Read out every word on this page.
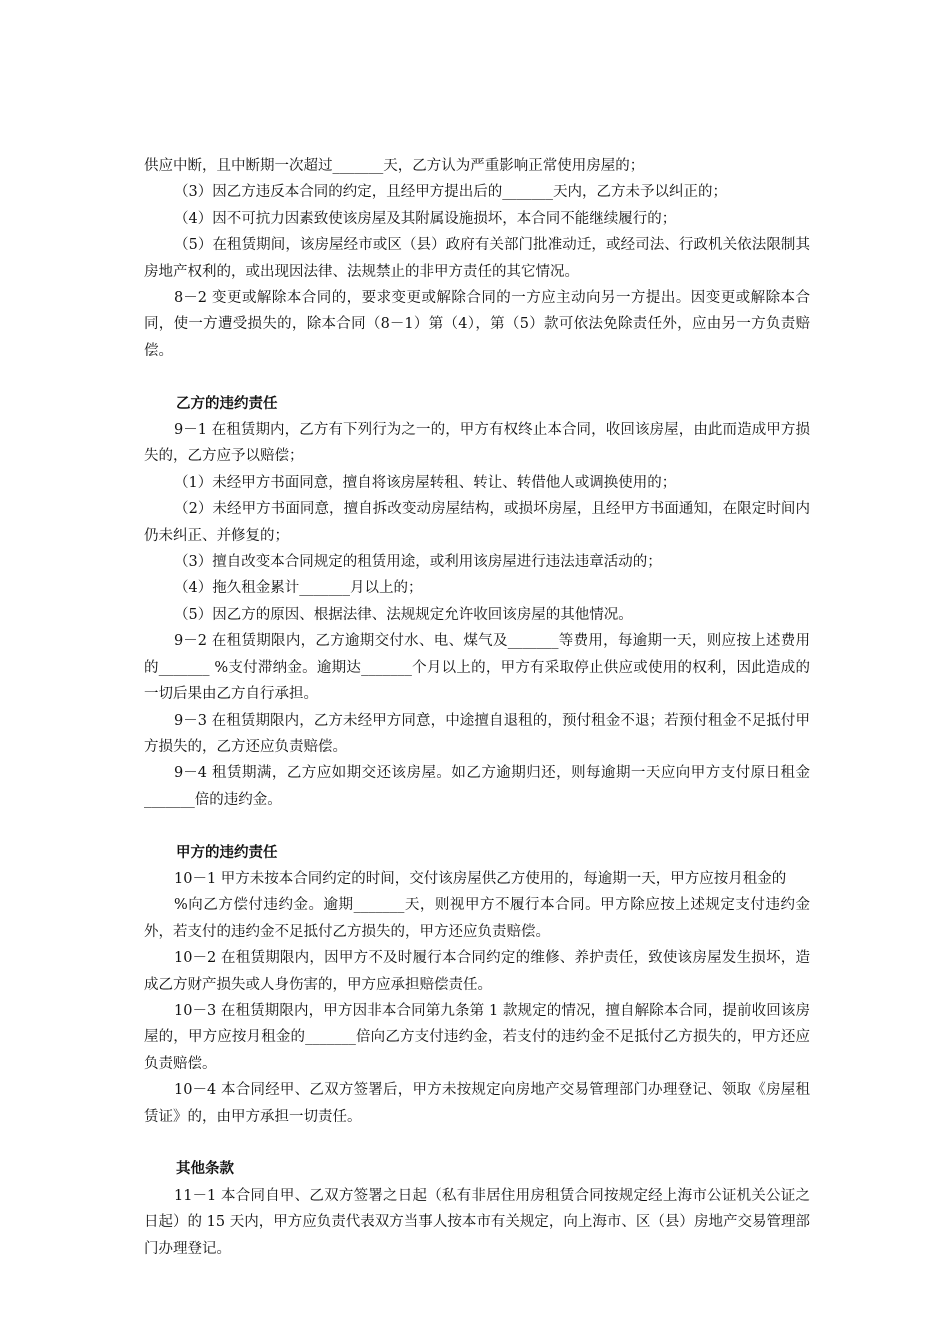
供应中断，且中断期一次超过_______天，乙方认为严重影响正常使用房屋的；

（3）因乙方违反本合同的约定，且经甲方提出后的_______天内，乙方未予以纠正的；

（4）因不可抗力因素致使该房屋及其附属设施损坏，本合同不能继续履行的；

（5）在租赁期间，该房屋经市或区（县）政府有关部门批准动迁，或经司法、行政机关依法限制其房地产权利的，或出现因法律、法规禁止的非甲方责任的其它情况。

8－2 变更或解除本合同的，要求变更或解除合同的一方应主动向另一方提出。因变更或解除本合同，使一方遭受损失的，除本合同（8－1）第（4），第（5）款可依法免除责任外，应由另一方负责赔偿。

乙方的违约责任

9－1 在租赁期内，乙方有下列行为之一的，甲方有权终止本合同，收回该房屋，由此而造成甲方损失的，乙方应予以赔偿；

（1）未经甲方书面同意，擅自将该房屋转租、转让、转借他人或调换使用的；

（2）未经甲方书面同意，擅自拆改变动房屋结构，或损坏房屋，且经甲方书面通知，在限定时间内仍未纠正、并修复的；

（3）擅自改变本合同规定的租赁用途，或利用该房屋进行违法违章活动的；

（4）拖久租金累计_______月以上的；

（5）因乙方的原因、根据法律、法规规定允许收回该房屋的其他情况。

9－2 在租赁期限内，乙方逾期交付水、电、煤气及_______等费用，每逾期一天，则应按上述费用的_______ %支付滞纳金。逾期达_______个月以上的，甲方有采取停止供应或使用的权利，因此造成的一切后果由乙方自行承担。

9－3 在租赁期限内，乙方未经甲方同意，中途擅自退租的，预付租金不退；若预付租金不足抵付甲方损失的，乙方还应负责赔偿。

9－4 租赁期满，乙方应如期交还该房屋。如乙方逾期归还，则每逾期一天应向甲方支付原日租金_______倍的违约金。

甲方的违约责任

10－1 甲方未按本合同约定的时间，交付该房屋供乙方使用的，每逾期一天，甲方应按月租金的

%向乙方偿付违约金。逾期_______天，则视甲方不履行本合同。甲方除应按上述规定支付违约金外，若支付的违约金不足抵付乙方损失的，甲方还应负责赔偿。

10－2 在租赁期限内，因甲方不及时履行本合同约定的维修、养护责任，致使该房屋发生损坏，造成乙方财产损失或人身伤害的，甲方应承担赔偿责任。

10－3 在租赁期限内，甲方因非本合同第九条第 1 款规定的情况，擅自解除本合同，提前收回该房屋的，甲方应按月租金的_______倍向乙方支付违约金，若支付的违约金不足抵付乙方损失的，甲方还应负责赔偿。

10－4 本合同经甲、乙双方签署后，甲方未按规定向房地产交易管理部门办理登记、领取《房屋租赁证》的，由甲方承担一切责任。

其他条款

11－1 本合同自甲、乙双方签署之日起（私有非居住用房租赁合同按规定经上海市公证机关公证之日起）的 15 天内，甲方应负责代表双方当事人按本市有关规定，向上海市、区（县）房地产交易管理部门办理登记。
